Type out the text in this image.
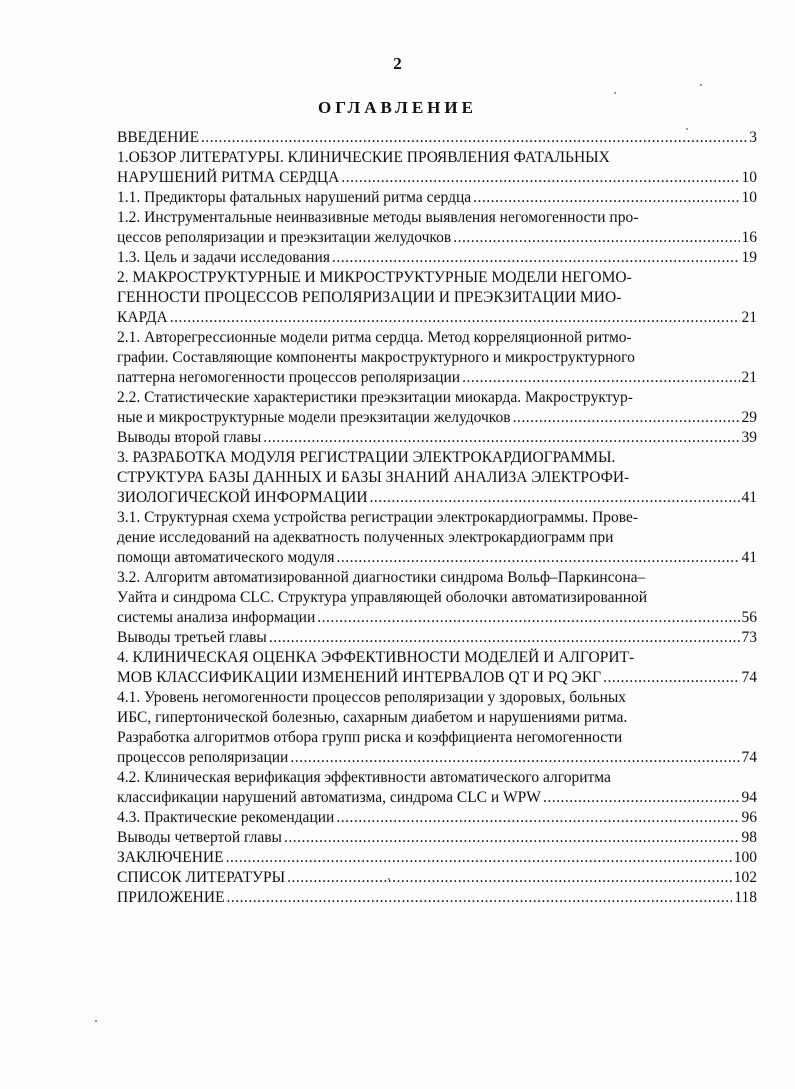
2
ОГЛАВЛЕНИЕ
ВВЕДЕНИЕ .....	3
1.ОБЗОР ЛИТЕРАТУРЫ. КЛИНИЧЕСКИЕ ПРОЯВЛЕНИЯ ФАТАЛЬНЫХ
НАРУШЕНИЙ РИТМА СЕРДЦА .....	10
1.1. Предикторы фатальных нарушений ритма сердца .....	10
1.2. Инструментальные неинвазивные методы выявления негомогенности про-
цессов реполяризации и преэкзитации желудочков .....	16
1.3. Цель и задачи исследования .....	19
2. МАКРОСТРУКТУРНЫЕ И МИКРОСТРУКТУРНЫЕ МОДЕЛИ НЕГОМО-
ГЕННОСТИ ПРОЦЕССОВ РЕПОЛЯРИЗАЦИИ И ПРЕЭКЗИТАЦИИ МИО-
КАРДА .....	21
2.1. Авторегрессионные модели ритма сердца. Метод корреляционной ритмо-
графии. Составляющие компоненты макроструктурного и микроструктурного
паттерна негомогенности процессов реполяризации .....	21
2.2. Статистические характеристики преэкзитации миокарда. Макрострyктур-
ные и микроструктурные модели преэкзитации желудочков .....	29
Выводы второй главы .....	39
3. РАЗРАБОТКА МОДУЛЯ РЕГИСТРАЦИИ ЭЛЕКТРОКАРДИОГРАММЫ.
СТРУКТУРА БАЗЫ ДАННЫХ И БАЗЫ ЗНАНИЙ АНАЛИЗА ЭЛЕКТРОФИ-
ЗИОЛОГИЧЕСКОЙ ИНФОРМАЦИИ .....	41
3.1. Структурная схема устройства регистрации электрокардиограммы. Прове-
дение исследований на адекватность полученных электрокардиограмм при
помощи автоматического модуля .....	41
3.2. Алгоритм автоматизированной диагностики синдрома Вольф–Паркинсона–
Уайта и синдрома CLC. Структура управляющей оболочки автоматизированной
системы анализа информации .....	56
Выводы третьей главы .....	73
4. КЛИНИЧЕСКАЯ ОЦЕНКА ЭФФЕКТИВНОСТИ МОДЕЛЕЙ И АЛГОРИТ-
МОВ КЛАССИФИКАЦИИ ИЗМЕНЕНИЙ ИНТЕРВАЛОВ QT И PQ ЭКГ .....	74
4.1. Уровень негомогенности процессов реполяризации у здоровых, больных
ИБС, гипертонической болезнью, сахарным диабетом и нарушениями ритма.
Разработка алгоритмов отбора групп риска и коэффициента негомогенности
процессов реполяризации .....	74
4.2. Клиническая верификация эффективности автоматического алгоритма
классификации нарушений автоматизма, синдрома CLC и WPW .....	94
4.3. Практические рекомендации .....	96
Выводы четвертой главы .....	98
ЗАКЛЮЧЕНИЕ .....	100
СПИСОК ЛИТЕРАТУРЫ .....	102
ПРИЛОЖЕНИЕ .....	118
